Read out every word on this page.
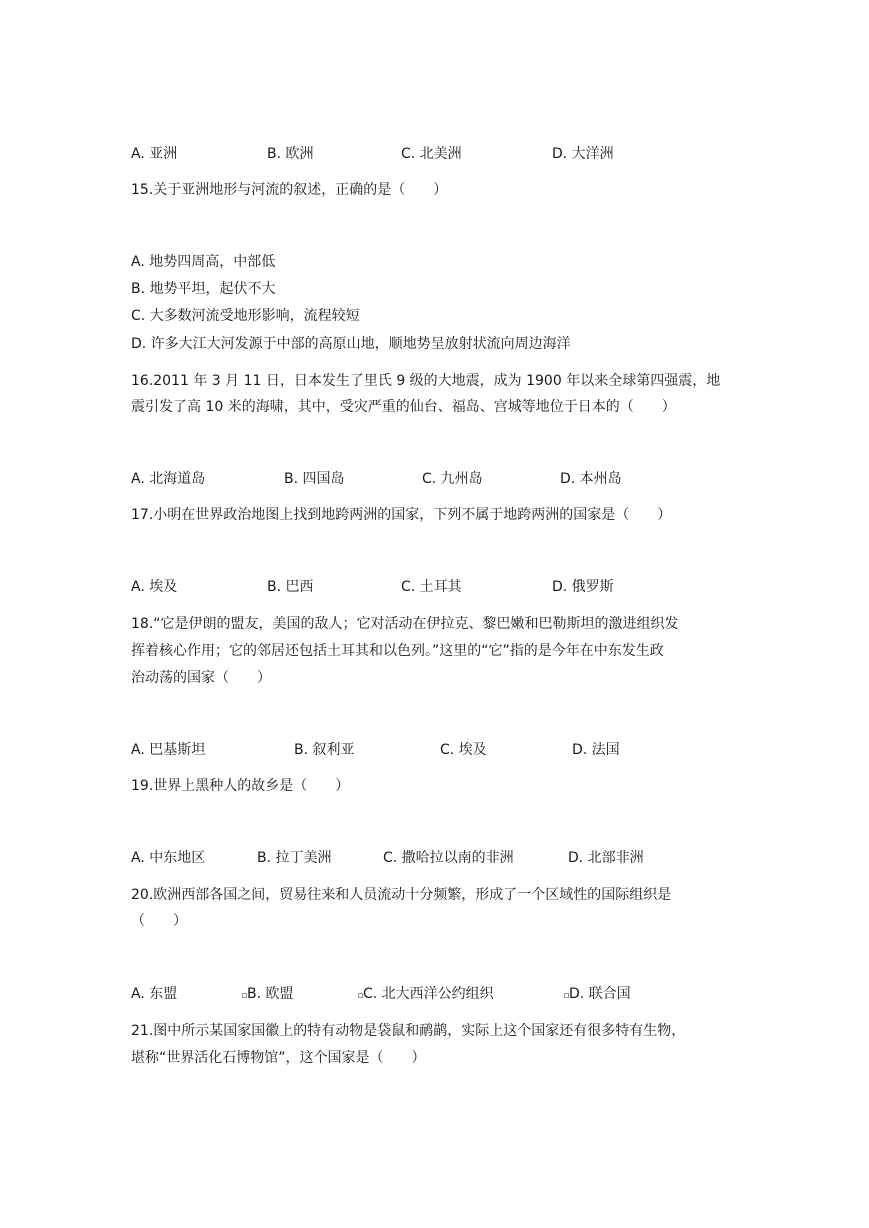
A. 亚洲	B. 欧洲	C. 北美洲	D. 大洋洲
15.关于亚洲地形与河流的叙述，正确的是（　　）
A. 地势四周高，中部低
B. 地势平坦，起伏不大
C. 大多数河流受地形影响，流程较短
D. 许多大江大河发源于中部的高原山地，顺地势呈放射状流向周边海洋
16.2011 年 3 月 11 日，日本发生了里氏 9 级的大地震，成为 1900 年以来全球第四强震，地
震引发了高 10 米的海啸，其中，受灾严重的仙台、福岛、宫城等地位于日本的（　　）
A. 北海道岛	B. 四国岛	C. 九州岛	D. 本州岛
17.小明在世界政治地图上找到地跨两洲的国家，下列不属于地跨两洲的国家是（　　）
A. 埃及	B. 巴西	C. 土耳其	D. 俄罗斯
18.“它是伊朗的盟友，美国的敌人；它对活动在伊拉克、黎巴嫩和巴勒斯坦的激进组织发
挥着核心作用；它的邻居还包括土耳其和以色列。”这里的“它”指的是今年在中东发生政
治动荡的国家（　　）
A. 巴基斯坦	B. 叙利亚	C. 埃及	D. 法国
19.世界上黑种人的故乡是（　　）
A. 中东地区	B. 拉丁美洲	C. 撒哈拉以南的非洲	D. 北部非洲
20.欧洲西部各国之间，贸易往来和人员流动十分频繁，形成了一个区域性的国际组织是
（　　）
A. 东盟	B. 欧盟	C. 北大西洋公约组织	D. 联合国
21.图中所示某国家国徽上的特有动物是袋鼠和鸸鹋，实际上这个国家还有很多特有生物，
堪称“世界活化石博物馆”，这个国家是（　　）
